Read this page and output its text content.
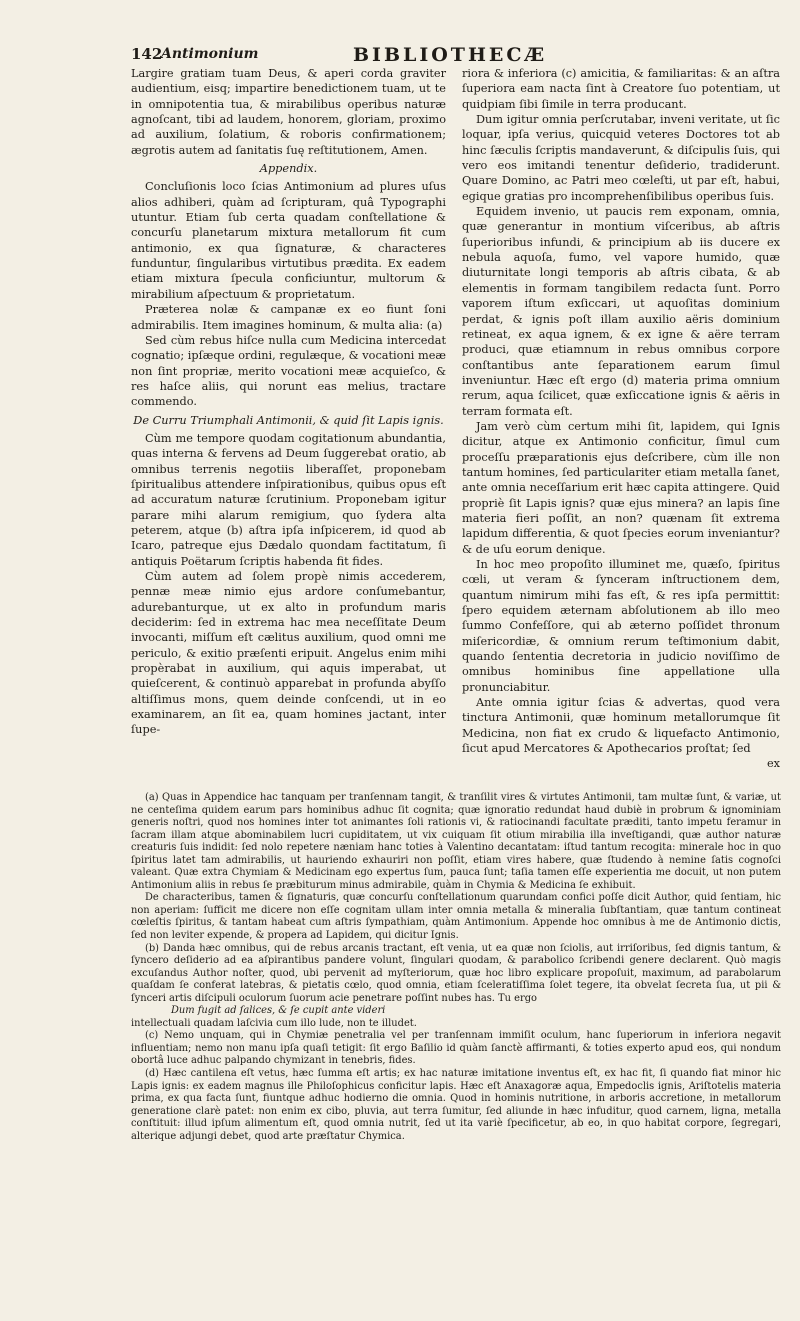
142
Antimonium	BIBLIOTHECÆ

Largire gratiam tuam Deus, & aperi corda graviter audientium, eisq; impartire benedictionem tuam, ut te in omnipotentia tua, & mirabilibus operibus naturæ agnoſcant, tibi ad laudem, honorem, gloriam, proximo ad auxilium, ſolatium, & roboris confirmationem; ægrotis autem ad ſanitatis ſuę reſtitutionem, Amen.

Appendix.

Concluſionis loco ſcias Antimonium ad plures uſus alios adhiberi, quàm ad ſcripturam, quâ Typographi utuntur. Etiam ſub certa quadam conſtellatione & concurſu planetarum mixtura metallorum fit cum antimonio, ex qua ſignaturæ, & characteres funduntur, ſingularibus virtutibus prædita. Ex eadem etiam mixtura ſpecula conficiuntur, multorum & mirabilium aſpectuum & proprietatum.

Præterea nolæ & campanæ ex eo fiunt ſoni admirabilis. Item imagines hominum, & multa alia: (a)

Sed cùm rebus hiſce nulla cum Medicina intercedat cognatio; ipſæque ordini, regulæque, & vocationi meæ non ſint propriæ, merito vocationi meæ acquieſco, & res haſce aliis, qui norunt eas melius, tractare commendo.

De Curru Triumphali Antimonii, & quid ſit Lapis ignis.

Cùm me tempore quodam cogitationum abundantia, quas interna & fervens ad Deum ſuggerebat oratio, ab omnibus terrenis negotiis liberaſſet, proponebam ſpiritualibus attendere inſpirationibus, quibus opus eſt ad accuratum naturæ ſcrutinium. Proponebam igitur parare mihi alarum remigium, quo ſydera alta peterem, atque (b) aſtra ipſa inſpicerem, id quod ab Icaro, patreque ejus Dædalo quondam factitatum, ſi antiquis Poëtarum ſcriptis habenda fit fides.

Cùm autem ad ſolem propè nimis accederem, pennæ meæ nimio ejus ardore conſumebantur, adurebanturque, ut ex alto in profundum maris deciderim: ſed in extrema hac mea neceſſitate Deum invocanti, miſſum eſt cælitus auxilium, quod omni me periculo, & exitio præſenti eripuit. Angelus enim mihi propèrabat in auxilium, qui aquis imperabat, ut quieſcerent, & continuò apparebat in profunda abyſſo altiſſimus mons, quem deinde conſcendi, ut in eo examinarem, an ſit ea, quam homines jactant, inter ſupe-

riora & inferiora (c) amicitia, & familiaritas: & an aſtra ſuperiora eam nacta ſint à Creatore ſuo potentiam, ut quidpiam ſibi ſimile in terra producant.

Dum igitur omnia perſcrutabar, inveni veritate, ut ſic loquar, ipſa verius, quicquid veteres Doctores tot ab hinc ſæculis ſcriptis mandaverunt, & diſcipulis ſuis, qui vero eos imitandi tenentur deſiderio, tradiderunt. Quare Domino, ac Patri meo cœleſti, ut par eſt, habui, egique gratias pro incomprehenſibilibus operibus ſuis.

Equidem invenio, ut paucis rem exponam, omnia, quæ generantur in montium viſceribus, ab aſtris ſuperioribus infundi, & principium ab iis ducere ex nebula aquoſa, fumo, vel vapore humido, quæ diuturnitate longi temporis ab aſtris cibata, & ab elementis in formam tangibilem redacta ſunt. Porro vaporem iſtum exſiccari, ut aquoſitas dominium perdat, & ignis poſt illam auxilio aëris dominium retineat, ex aqua ignem, & ex igne & aëre terram produci, quæ etiamnum in rebus omnibus corpore conſtantibus ante ſeparationem earum ſimul inveniuntur. Hæc eſt ergo (d) materia prima omnium rerum, aqua ſcilicet, quæ exſiccatione ignis & aëris in terram formata eſt.

Jam verò cùm certum mihi ſit, lapidem, qui Ignis dicitur, atque ex Antimonio conficitur, ſimul cum proceſſu præparationis ejus deſcribere, cùm ille non tantum homines, ſed particulariter etiam metalla ſanet, ante omnia neceſſarium erit hæc capita attingere. Quid propriè ſit Lapis ignis? quæ ejus minera? an lapis ſine materia fieri poſſit, an non? quænam ſit extrema lapidum differentia, & quot ſpecies eorum inveniantur? & de uſu eorum denique.

In hoc meo propoſito illuminet me, quæſo, ſpiritus cœli, ut veram & ſynceram inſtructionem dem, quantum nimirum mihi fas eſt, & res ipſa permittit: ſpero equidem æternam abſolutionem ab illo meo ſummo Confeſſore, qui ab æterno poſſidet thronum miſericordiæ, & omnium rerum teſtimonium dabit, quando ſententia decretoria in judicio noviſſimo de omnibus hominibus ſine appellatione ulla pronunciabitur.

Ante omnia igitur ſcias & advertas, quod vera tinctura Antimonii, quæ hominum metallorumque ſit Medicina, non fiat ex crudo & liquefacto Antimonio, ſicut apud Mercatores & Apothecarios proſtat; ſed

ex

(a) Quas in Appendice hac tanquam per tranſennam tangit, & tranſilit vires & virtutes Antimonii, tam multæ ſunt, & variæ, ut ne centeſima quidem earum pars hominibus adhuc ſit cognita; quæ ignoratio redundat haud dubiè in probrum & ignominiam generis noſtri, quod nos homines inter tot animantes ſoli rationis vi, & ratiocinandi facultate præditi, tanto impetu feramur in ſacram illam atque abominabilem lucri cupiditatem, ut vix cuiquam ſit otium mirabilia illa inveſtigandi, quæ author naturæ creaturis ſuis indidit: ſed nolo repetere næniam hanc toties à Valentino decantatam: iſtud tantum recogita: minerale hoc in quo ſpiritus latet tam admirabilis, ut hauriendo exhauriri non poſſit, etiam vires habere, quæ ſtudendo à nemine ſatis cognoſci valeant. Quæ extra Chymiam & Medicinam ego expertus ſum, pauca ſunt; taſia tamen eſſe experientia me docuit, ut non putem Antimonium aliis in rebus ſe præbiturum minus admirabile, quàm in Chymia & Medicina ſe exhibuit.

De characteribus, tamen & ſignaturis, quæ concurſu conſtellationum quarundam confici poſſe dicit Author, quid ſentiam, hic non aperiam: ſufficit me dicere non eſſe cognitam ullam inter omnia metalla & mineralia ſubſtantiam, quæ tantum contineat cœleſtis ſpiritus, & tantam habeat cum aſtris ſympathiam, quàm Antimonium. Appende hoc omnibus à me de Antimonio dictis, ſed non leviter expende, & propera ad Lapidem, qui dicitur Ignis.

(b) Danda hæc omnibus, qui de rebus arcanis tractant, eſt venia, ut ea quæ non ſciolis, aut irriſoribus, ſed dignis tantum, & ſyncero deſiderio ad ea aſpirantibus pandere volunt, ſingulari quodam, & parabolico ſcribendi genere declarent. Quò magis excuſandus Author noſter, quod, ubi pervenit ad myſteriorum, quæ hoc libro explicare propoſuit, maximum, ad parabolarum quaſdam ſe conferat latebras, & pietatis cœlo, quod omnia, etiam ſceleratiſſima ſolet tegere, ita obvelat ſecreta ſua, ut pii & ſynceri artis diſcipuli oculorum ſuorum acie penetrare poſſint nubes has. Tu ergo

Dum fugit ad ſalices, & ſe cupit ante videri

intellectuali quadam laſcivia cum illo lude, non te illudet.

(c) Nemo unquam, qui in Chymiæ penetralia vel per tranſennam immiſit oculum, hanc ſuperiorum in inferiora negavit influentiam; nemo non manu ipſa quaſi tetigit: ſit ergo Baſilio id quàm ſanctè affirmanti, & toties experto apud eos, qui nondum obortâ luce adhuc palpando chymizant in tenebris, fides.

(d) Hæc cantilena eſt vetus, hæc ſumma eſt artis; ex hac naturæ imitatione inventus eſt, ex hac fit, ſi quando fiat minor hic Lapis ignis: ex eadem magnus ille Philoſophicus conficitur lapis. Hæc eſt Anaxagoræ aqua, Empedoclis ignis, Ariſtotelis materia prima, ex qua facta ſunt, fiuntque adhuc hodierno die omnia. Quod in hominis nutritione, in arboris accretione, in metallorum generatione clarè patet: non enim ex cibo, pluvia, aut terra ſumitur, ſed aliunde in hæc infuditur, quod carnem, ligna, metalla conſtituit: illud ipſum alimentum eſt, quod omnia nutrit, ſed ut ita variè ſpecificetur, ab eo, in quo habitat corpore, ſegregari, alterique adjungi debet, quod arte præſtatur Chymica.
